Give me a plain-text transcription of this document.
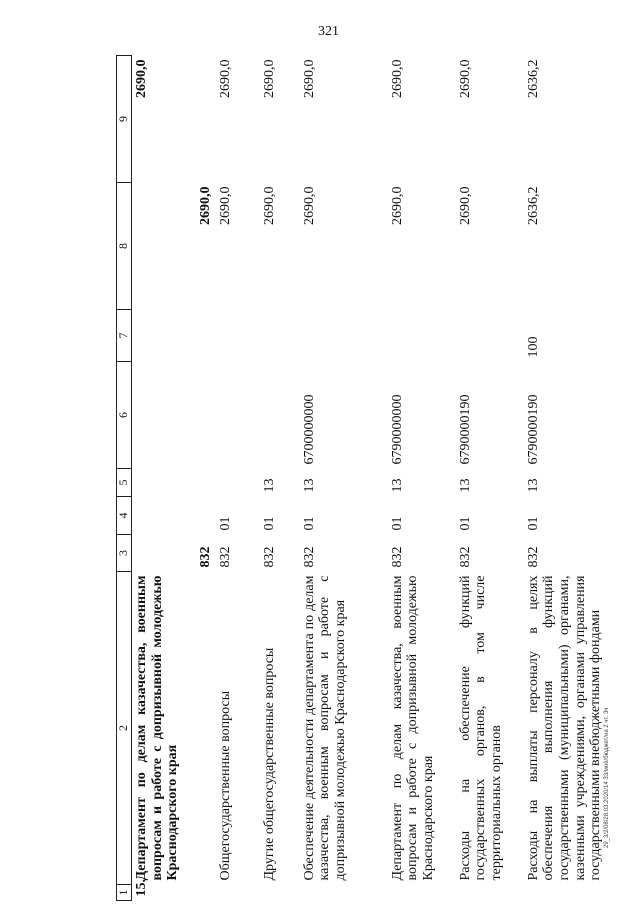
321
29_3/2/08/28.03.2020/14 33/моё/бюджет/на 2 чт. 3ч
1	2	3	4	5	6	7	8	9
15.	Департамент по делам казачества, военным вопросам и работе с допризывной молодежью Краснодарского края	832					2690,0	2690,0
	Общегосударственные вопросы	832	01				2690,0	2690,0
	Другие общегосударственные вопросы	832	01	13			2690,0	2690,0
	Обеспечение деятельности департамента по делам казачества, военным вопросам и работе с допризывной молодежью Краснодарского края	832	01	13	6700000000		2690,0	2690,0
	Департамент по делам казачества, военным вопросам и работе с допризывной молодежью Краснодарского края	832	01	13	6790000000		2690,0	2690,0
	Расходы на обеспечение функций государственных органов, в том числе территориальных органов	832	01	13	6790000190		2690,0	2690,0
	Расходы на выплаты персоналу в целях обеспечения выполнения функций государственными (муниципальными) органами, казенными учреждениями, органами управления государственными внебюджетными фондами	832	01	13	6790000190	100	2636,2	2636,2
